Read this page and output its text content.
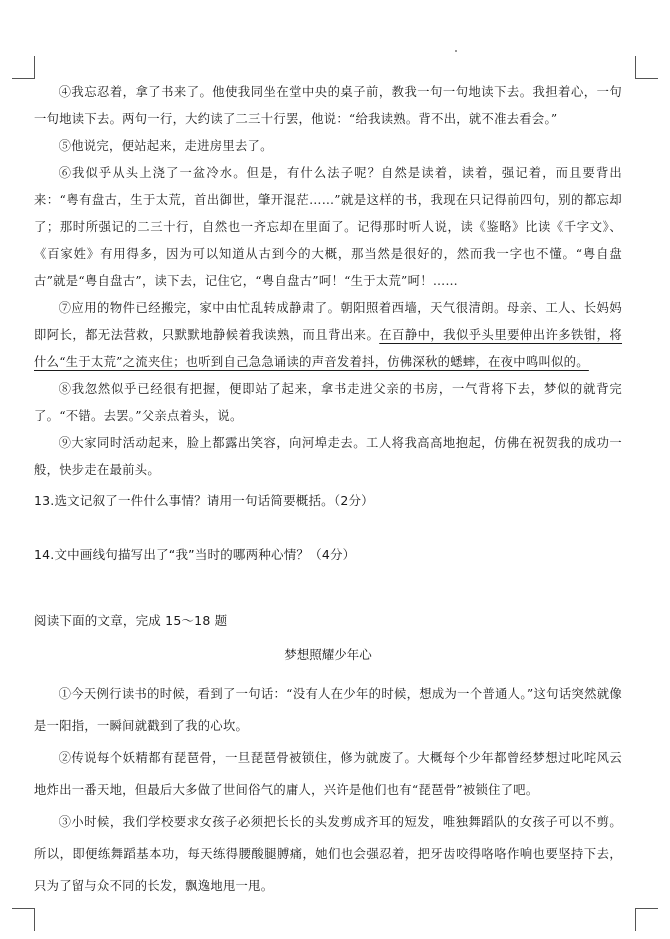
④我忘忍着，拿了书来了。他使我同坐在堂中央的桌子前，教我一句一句地读下去。我担着心，一句一句地读下去。两句一行，大约读了二三十行罢，他说：“给我读熟。背不出，就不准去看会。”

⑤他说完，便站起来，走进房里去了。

⑥我似乎从头上浇了一盆冷水。但是，有什么法子呢？自然是读着，读着，强记着，而且要背出来：“粤有盘古，生于太荒，首出御世，肇开混茫……”就是这样的书，我现在只记得前四句，别的都忘却了；那时所强记的二三十行，自然也一齐忘却在里面了。记得那时听人说，读《鉴略》比读《千字文》、《百家姓》有用得多，因为可以知道从古到今的大概，那当然是很好的，然而我一字也不懂。“粤自盘古”就是“粤自盘古”，读下去，记住它，“粤自盘古”呵！“生于太荒”呵！……

⑦应用的物件已经搬完，家中由忙乱转成静肃了。朝阳照着西墙，天气很清朗。母亲、工人、长妈妈即阿长，都无法营救，只默默地静候着我读熟，而且背出来。在百静中，我似乎头里要伸出许多铁钳，将什么“生于太荒”之流夹住；也听到自己急急诵读的声音发着抖，仿佛深秋的蟋蟀，在夜中鸣叫似的。

⑧我忽然似乎已经很有把握，便即站了起来，拿书走进父亲的书房，一气背将下去，梦似的就背完了。“不错。去罢。”父亲点着头，说。

⑨大家同时活动起来，脸上都露出笑容，向河埠走去。工人将我高高地抱起，仿佛在祝贺我的成功一般，快步走在最前头。

13.选文记叙了一件什么事情？请用一句话简要概括。（2分）

14.文中画线句描写出了“我”当时的哪两种心情？（4分）

阅读下面的文章，完成 15～18 题

梦想照耀少年心

①今天例行读书的时候，看到了一句话：“没有人在少年的时候，想成为一个普通人。”这句话突然就像是一阳指，一瞬间就戳到了我的心坎。

②传说每个妖精都有琵琶骨，一旦琵琶骨被锁住，修为就废了。大概每个少年都曾经梦想过叱咤风云地炸出一番天地，但最后大多做了世间俗气的庸人，兴许是他们也有“琵琶骨”被锁住了吧。

③小时候，我们学校要求女孩子必须把长长的头发剪成齐耳的短发，唯独舞蹈队的女孩子可以不剪。所以，即便练舞蹈基本功，每天练得腰酸腿膊痛，她们也会强忍着，把牙齿咬得咯咯作响也要坚持下去，只为了留与众不同的长发，飘逸地甩一甩。
